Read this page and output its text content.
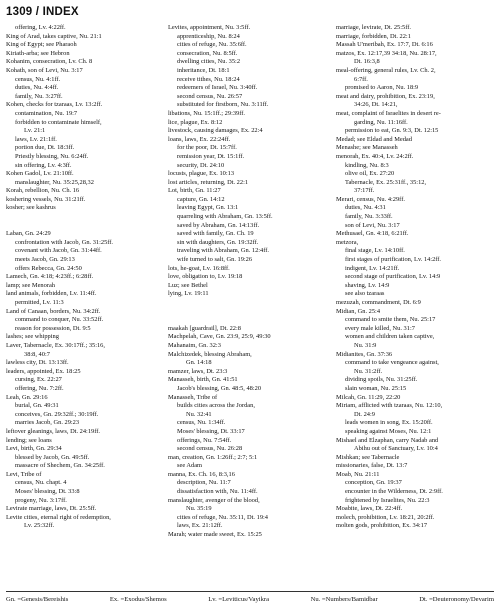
1309 / INDEX
offering, Lv. 4:22ff.
King of Arad, takes captive, Nu. 21:1
King of Egypt; see Pharaoh
Kiriath-arba; see Hebron
Kohanim, consecration, Lv. Ch. 8
Kohath, son of Levi, Nu. 3:17
census, Nu. 4:1ff.
duties, Nu. 4:4ff.
family, Nu. 3:27ff.
Kohen, checks for tzaraas, Lv. 13:2ff.
contamination, Nu. 19:7
forbidden to contaminate himself,
Lv. 21:1
laws, Lv. 21:1ff.
portion due, Dt. 18:3ff.
Priestly blessing, Nu. 6:24ff.
sin offering, Lv. 4:3ff.
Kohen Gadol, Lv. 21:10ff.
manslaughter, Nu. 35:25,28,32
Korah, rebellion, Nu. Ch. 16
koshering vessels, Nu. 31:21ff.
kosher; see kashrus
Laban, Gn. 24:29
confrontation with Jacob, Gn. 31:25ff.
covenant with Jacob, Gn. 31:44ff.
meets Jacob, Gn. 29:13
offers Rebecca, Gn. 24:50
Lamech, Gn. 4:18; 4:23ff.; 6:28ff.
lamp; see Menorah
land animals, forbidden, Lv. 11:4ff.
permitted, Lv. 11:3
Land of Canaan, borders, Nu. 34:2ff.
command to conquer, Nu. 33:52ff.
reason for possession, Dt. 9:5
lashes; see whipping
Laver, Tabernacle, Ex. 30:17ff.; 35:16,
38:8, 40:7
lawless city, Dt. 13:13ff.
leaders, appointed, Ex. 18:25
cursing, Ex. 22:27
offering, Nu. 7:2ff.
Leah, Gn. 29:16
burial, Gn. 49:31
conceives, Gn. 29:32ff.; 30:19ff.
marries Jacob, Gn. 29:23
leftover gleanings, laws, Dt. 24:19ff.
lending; see loans
Levi, birth, Gn. 29:34
blessed by Jacob, Gn. 49:5ff.
massacre of Shechem, Gn. 34:25ff.
Levi, Tribe of
census, Nu. chapt. 4
Moses' blessing, Dt. 33:8
progeny, Nu. 3:17ff.
Levirate marriage, laws, Dt. 25:5ff.
Levite cities, eternal right of redemption,
Lv. 25:32ff.
Levites, appointment, Nu. 3:5ff.
apprenticeship, Nu. 8:24
cities of refuge, Nu. 35:6ff.
consecration, Nu. 8:5ff.
dwelling cities, Nu. 35:2
inheritance, Dt. 18:1
receive tithes, Nu. 18:24
redeemers of Israel, Nu. 3:40ff.
second census, Nu. 26:57
substituted for firstborn, Nu. 3:11ff.
libations, Nu. 15:1ff.; 29:39ff.
lice, plague, Ex. 8:12
livestock, causing damages, Ex. 22:4
loans, laws, Ex. 22:24ff.
for the poor, Dt. 15:7ff.
remission year, Dt. 15:1ff.
security, Dt. 24:10
locusts, plague, Ex. 10:13
lost articles, returning, Dt. 22:1
Lot, birth, Gn. 11:27
capture, Gn. 14:12
leaving Egypt, Gn. 13:1
quarreling with Abraham, Gn. 13:5ff.
saved by Abraham, Gn. 14:13ff.
saved with family, Gn. Ch. 19
sin with daughters, Gn. 19:32ff.
traveling with Abraham, Gn. 12:4ff.
wife turned to salt, Gn. 19:26
lots, he-goat, Lv. 16:8ff.
love, obligation to, Lv. 19:18
Luz; see Bethel
lying, Lv. 19:11
maakah [guardrail], Dt. 22:8
Machpelah, Cave, Gn. 23:9, 25:9, 49:30
Mahanaim, Gn. 32:3
Malchizedek, blessing Abraham,
Gn. 14:18
mamzer, laws, Dt. 23:3
Manasseh, birth, Gn. 41:51
Jacob's blessing, Gn. 48:5, 48:20
Manasseh, Tribe of
builds cities across the Jordan,
Nu. 32:41
census, Nu. 1:34ff.
Moses' blessing, Dt. 33:17
offerings, Nu. 7:54ff.
second census, Nu. 26:28
man, creation, Gn. 1:26ff.; 2:7; 5:1
see Adam
manna, Ex. Ch. 16, 8:3,16
description, Nu. 11:7
dissatisfaction with, Nu. 11:4ff.
manslaughter, avenger of the blood,
Nu. 35:19
cities of refuge, Nu. 35:11, Dt. 19:4
laws, Ex. 21:12ff.
Marah; water made sweet, Ex. 15:25
marriage, levirate, Dt. 25:5ff.
marriage, forbidden, Dt. 22:1
Massah U'meribah, Ex. 17:7, Dt. 6:16
matzos, Ex. 12:17,39 34:18, Nu. 28:17,
Dt. 16:3,8
meal-offering, general rules, Lv. Ch. 2,
6:7ff.
promised to Aaron, Nu. 18:9
meat and dairy, prohibition, Ex. 23:19,
34:26, Dt. 14:21,
meat, complaint of Israelites in desert re-
garding, Nu. 11:16ff.
permission to eat, Gn. 9:3, Dt. 12:15
Medad; see Eldad and Medad
Menashe; see Manasseh
menorah, Ex. 40:4, Lv. 24:2ff.
kindling, Nu. 8:3
olive oil, Ex. 27:20
Tabernacle, Ex. 25:31ff., 35:12,
37:17ff.
Merari, census, Nu. 4:29ff.
duties, Nu. 4:31
family, Nu. 3:33ff.
son of Levi, Nu. 3:17
Methusael, Gn. 4:18, 6:21ff.
metzora,
final stage, Lv. 14:10ff.
first stages of purification, Lv. 14:2ff.
indigent, Lv. 14:21ff.
second stage of purification, Lv. 14:9
shaving, Lv. 14:9
see also tzaraas
mezuzah, commandment, Dt. 6:9
Midian, Gn. 25:4
command to smite them, Nu. 25:17
every male killed, Nu. 31:7
women and children taken captive,
Nu. 31:9
Midianites, Gn. 37:36
command to take vengeance against,
Nu. 31:2ff.
dividing spoils, Nu. 31:25ff.
slain woman, Nu. 25:15
Milcah, Gn. 11:29, 22:20
Miriam, afflicted with tzaraas, Nu. 12:10,
Dt. 24:9
leads women in song, Ex. 15:20ff.
speaking against Moses, Nu. 12:1
Mishael and Elzaphan, carry Nadab and
Abihu out of Sanctuary, Lv. 10:4
Mishkan; see Tabernacle
missionaries, false, Dt. 13:7
Moab, Nu. 21:11
conception, Gn. 19:37
encounter in the Wilderness, Dt. 2:9ff.
frightened by Israelites, Nu. 22:3
Moabite, laws, Dt. 22:4ff.
molech, prohibition, Lv. 18:21, 20:2ff.
molten gods, prohibition, Ex. 34:17
Gn. =Genesis/Bereishis	Ex. =Exodus/Shemos	Lv. =Leviticus/Vayikra	Nu. =Numbers/Bamidbar	Dt. =Deuteronomy/Devarim
